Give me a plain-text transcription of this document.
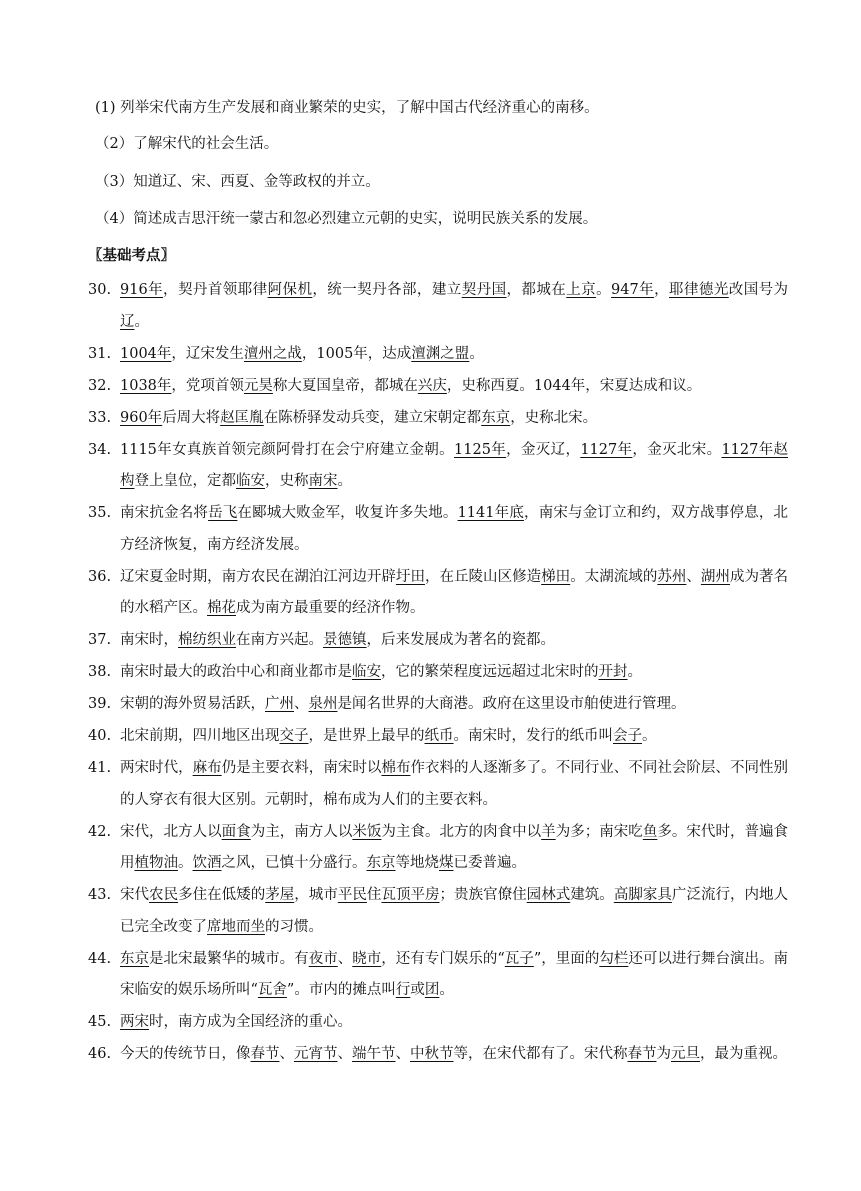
(1) 列举宋代南方生产发展和商业繁荣的史实，了解中国古代经济重心的南移。
（2）了解宋代的社会生活。
（3）知道辽、宋、西夏、金等政权的并立。
（4）简述成吉思汗统一蒙古和忽必烈建立元朝的史实，说明民族关系的发展。
〖基础考点〗
30. 916年，契丹首领耶律阿保机，统一契丹各部，建立契丹国，都城在上京。947年，耶律德光改国号为辽。
31. 1004年，辽宋发生澶州之战，1005年，达成澶渊之盟。
32. 1038年，党项首领元昊称大夏国皇帝，都城在兴庆，史称西夏。1044年，宋夏达成和议。
33. 960年后周大将赵匡胤在陈桥驿发动兵变，建立宋朝定都东京，史称北宋。
34. 1115年女真族首领完颜阿骨打在会宁府建立金朝。1125年，金灭辽，1127年，金灭北宋。1127年赵构登上皇位，定都临安，史称南宋。
35. 南宋抗金名将岳飞在郾城大败金军，收复许多失地。1141年底，南宋与金订立和约，双方战事停息，北方经济恢复，南方经济发展。
36. 辽宋夏金时期，南方农民在湖泊江河边开辟圩田，在丘陵山区修造梯田。太湖流域的苏州、湖州成为著名的水稻产区。棉花成为南方最重要的经济作物。
37. 南宋时，棉纺织业在南方兴起。景德镇，后来发展成为著名的瓷都。
38. 南宋时最大的政治中心和商业都市是临安，它的繁荣程度远远超过北宋时的开封。
39. 宋朝的海外贸易活跃，广州、泉州是闻名世界的大商港。政府在这里设市舶使进行管理。
40. 北宋前期，四川地区出现交子，是世界上最早的纸币。南宋时，发行的纸币叫会子。
41. 两宋时代，麻布仍是主要衣料，南宋时以棉布作衣料的人逐渐多了。不同行业、不同社会阶层、不同性别的人穿衣有很大区别。元朝时，棉布成为人们的主要衣料。
42. 宋代，北方人以面食为主，南方人以米饭为主食。北方的肉食中以羊为多；南宋吃鱼多。宋代时，普遍食用植物油。饮酒之风，已慎十分盛行。东京等地烧煤已委普遍。
43. 宋代农民多住在低矮的茅屋，城市平民住瓦顶平房；贵族官僚住园林式建筑。高脚家具广泛流行，内地人已完全改变了席地而坐的习惯。
44. 东京是北宋最繁华的城市。有夜市、晓市，还有专门娱乐的“瓦子”，里面的勾栏还可以进行舞台演出。南宋临安的娱乐场所叫“瓦舍”。市内的摊点叫行或团。
45. 两宋时，南方成为全国经济的重心。
46. 今天的传统节日，像春节、元宵节、端午节、中秋节等，在宋代都有了。宋代称春节为元旦，最为重视。
